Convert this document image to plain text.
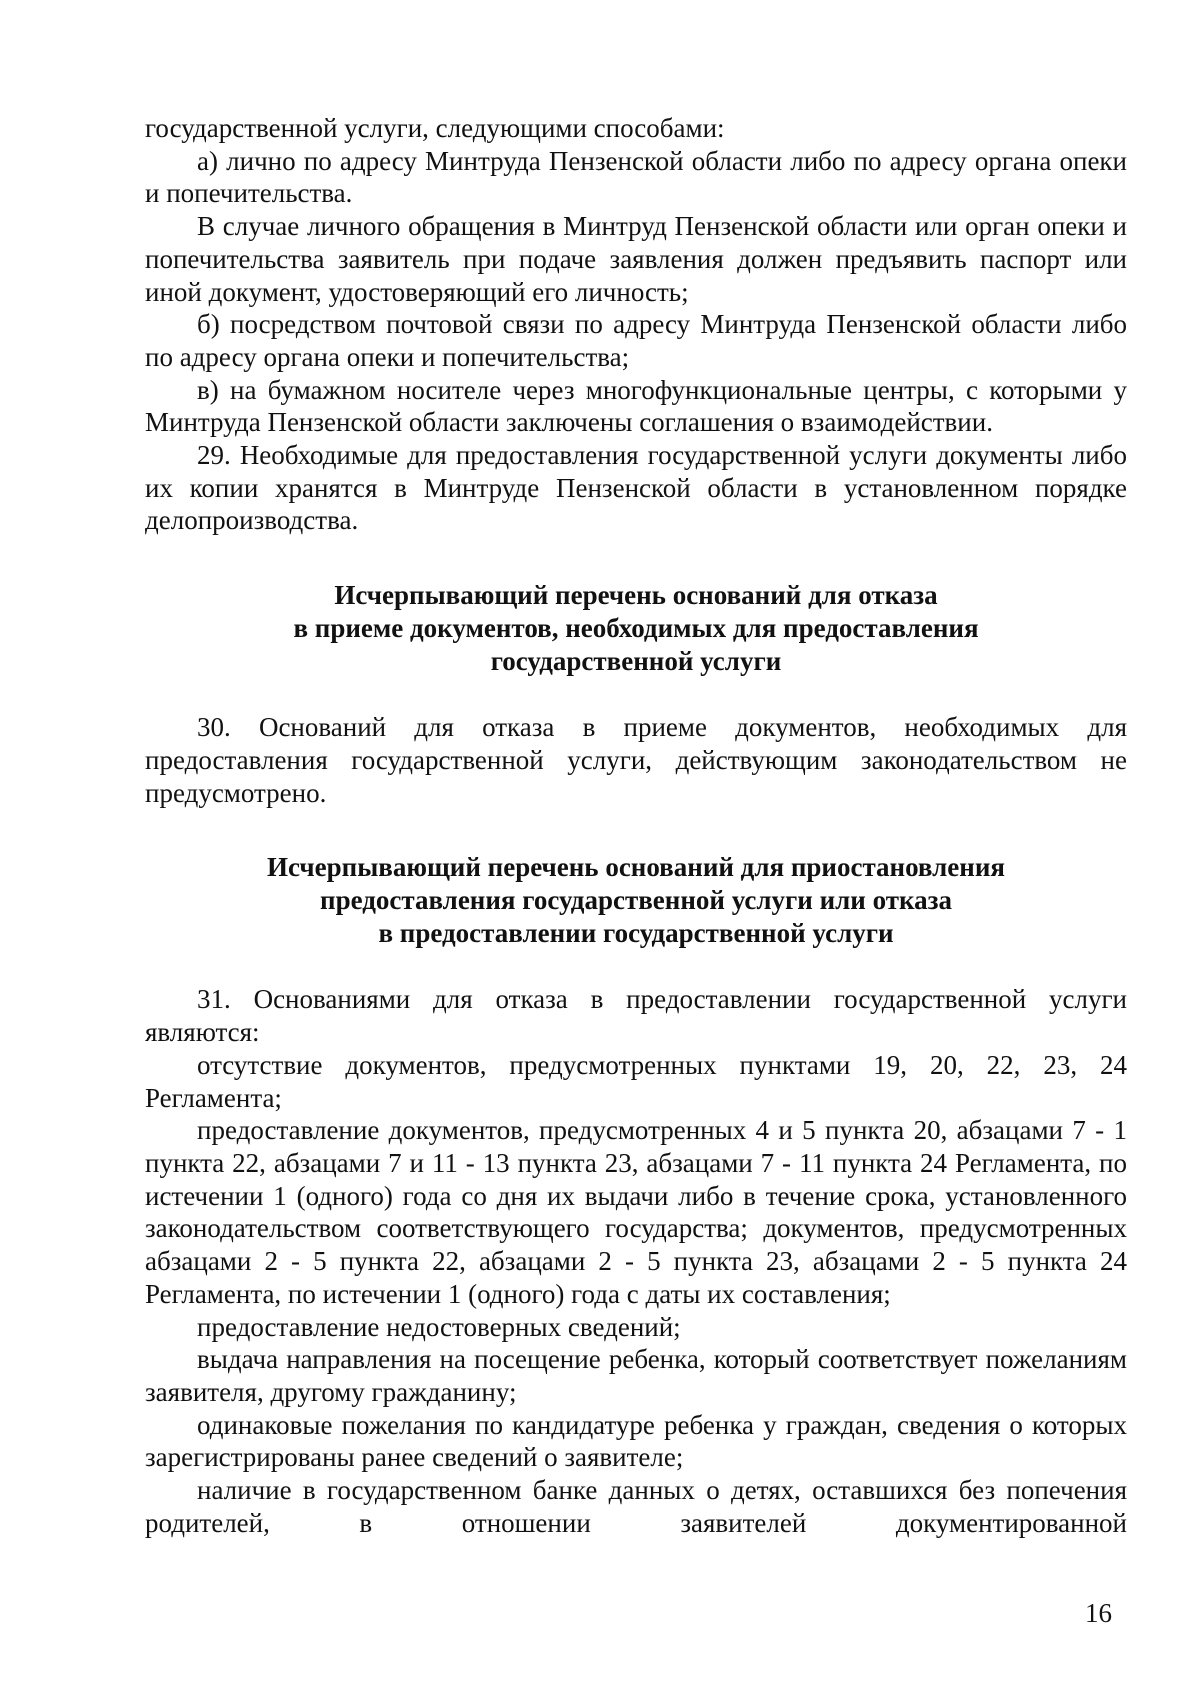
государственной услуги, следующими способами:

а) лично по адресу Минтруда Пензенской области либо по адресу органа опеки и попечительства.

В случае личного обращения в Минтруд Пензенской области или орган опеки и попечительства заявитель при подаче заявления должен предъявить паспорт или иной документ, удостоверяющий его личность;

б) посредством почтовой связи по адресу Минтруда Пензенской области либо по адресу органа опеки и попечительства;

в) на бумажном носителе через многофункциональные центры, с которыми у Минтруда Пензенской области заключены соглашения о взаимодействии.

29. Необходимые для предоставления государственной услуги документы либо их копии хранятся в Минтруде Пензенской области в установленном порядке делопроизводства.

Исчерпывающий перечень оснований для отказа
в приеме документов, необходимых для предоставления
государственной услуги

30. Оснований для отказа в приеме документов, необходимых для предоставления государственной услуги, действующим законодательством не предусмотрено.

Исчерпывающий перечень оснований для приостановления
предоставления государственной услуги или отказа
в предоставлении государственной услуги

31. Основаниями для отказа в предоставлении государственной услуги являются:

отсутствие документов, предусмотренных пунктами 19, 20, 22, 23, 24 Регламента;

предоставление документов, предусмотренных 4 и 5 пункта 20, абзацами 7 - 1 пункта 22, абзацами 7 и 11 - 13 пункта 23, абзацами 7 - 11 пункта 24 Регламента, по истечении 1 (одного) года со дня их выдачи либо в течение срока, установленного законодательством соответствующего государства; документов, предусмотренных абзацами 2 - 5 пункта 22, абзацами 2 - 5 пункта 23, абзацами 2 - 5 пункта 24 Регламента, по истечении 1 (одного) года с даты их составления;

предоставление недостоверных сведений;

выдача направления на посещение ребенка, который соответствует пожеланиям заявителя, другому гражданину;

одинаковые пожелания по кандидатуре ребенка у граждан, сведения о которых зарегистрированы ранее сведений о заявителе;

наличие в государственном банке данных о детях, оставшихся без попечения родителей, в отношении заявителей документированной

16
